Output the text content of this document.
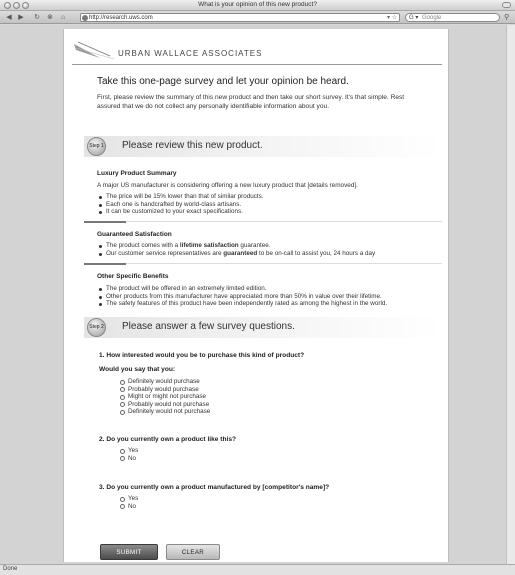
What is your opinion of this new product?
◀ ▶	↻ ⊗	⌂	http://research.uws.com	▾ ☆ G ▾ Google	⚲
URBAN WALLACE ASSOCIATES
Take this one-page survey and let your opinion be heard.
First, please review the summary of this new product and then take our short survey. It's that simple. Rest assured that we do not collect any personally identifiable information about you.
Step 1 Please review this new product.
Luxury Product Summary
A major US manufacturer is considering offering a new luxury product that [details removed].
The price will be 15% lower than that of similar products.
Each one is handcrafted by world-class artisans.
It can be customized to your exact specifications.
Guaranteed Satisfaction
The product comes with a lifetime satisfaction guarantee.
Our customer service representatives are guaranteed to be on-call to assist you, 24 hours a day
Other Specific Benefits
The product will be offered in an extremely limited edition.
Other products from this manufacturer have appreciated more than 50% in value over their lifetime.
The safety features of this product have been independently rated as among the highest in the world.
Step 2 Please answer a few survey questions.
1. How interested would you be to purchase this kind of product?
Would you say that you:
Definitely would purchase
Probably would purchase
Might or might not purchase
Probably would not purchase
Definitely would not purchase
2. Do you currently own a product like this?
Yes
No
3. Do you currently own a product manufactured by [competitor's name]?
Yes
No
SUBMIT	CLEAR
Done
